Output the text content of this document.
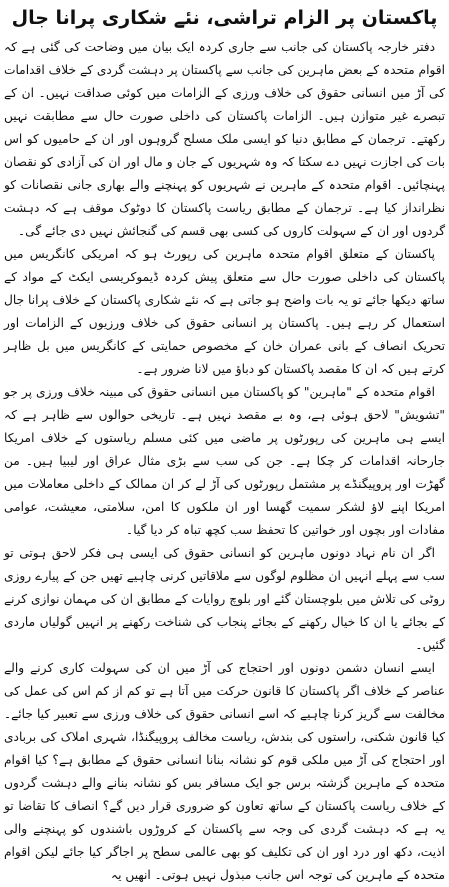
پاکستان پر الزام تراشی، نئے شکاری پرانا جال

دفتر خارجہ پاکستان کی جانب سے جاری کردہ ایک بیان میں وضاحت کی گئی ہے کہ اقوام متحدہ کے بعض ماہرین کی جانب سے پاکستان پر دہشت گردی کے خلاف اقدامات کی آڑ میں انسانی حقوق کی خلاف ورزی کے الزامات میں کوئی صداقت نہیں۔ ان کے تبصرے غیر متوازن ہیں۔ الزامات پاکستان کی داخلی صورت حال سے مطابقت نہیں رکھتے۔ ترجمان کے مطابق دنیا کو ایسی ملک مسلح گروہوں اور ان کے حامیوں کو اس بات کی اجازت نہیں دے سکتا کہ وہ شہریوں کے جان و مال اور ان کی آزادی کو نقصان پہنچائیں۔ اقوام متحدہ کے ماہرین نے شہریوں کو پہنچنے والے بھاری جانی نقصانات کو نظرانداز کیا ہے۔ ترجمان کے مطابق ریاست پاکستان کا دوٹوک موقف ہے کہ دہشت گردوں اور ان کے سہولت کاروں کی کسی بھی قسم کی گنجائش نہیں دی جائے گی۔

پاکستان کے متعلق اقوام متحدہ ماہرین کی رپورٹ ہو کہ امریکی کانگریس میں پاکستان کی داخلی صورت حال سے متعلق پیش کردہ ڈیموکریسی ایکٹ کے مواد کے ساتھ دیکھا جائے تو یہ بات واضح ہو جاتی ہے کہ نئے شکاری پاکستان کے خلاف پرانا جال استعمال کر رہے ہیں۔ پاکستان پر انسانی حقوق کی خلاف ورزیوں کے الزامات اور تحریک انصاف کے بانی عمران خان کے مخصوص حمایتی کے کانگریس میں بل ظاہر کرتے ہیں کہ ان کا مقصد پاکستان کو دباؤ میں لانا ضرور ہے۔

اقوام متحدہ کے "ماہرین" کو پاکستان میں انسانی حقوق کی مبینہ خلاف ورزی پر جو "تشویش" لاحق ہوئی ہے، وہ بے مقصد نہیں ہے۔ تاریخی حوالوں سے ظاہر ہے کہ ایسے ہی ماہرین کی رپورٹوں پر ماضی میں کئی مسلم ریاستوں کے خلاف امریکا جارحانہ اقدامات کر چکا ہے۔ جن کی سب سے بڑی مثال عراق اور لیبیا ہیں۔ من گھڑت اور پروپیگنڈے پر مشتمل رپورٹوں کی آڑ لے کر ان ممالک کے داخلی معاملات میں امریکا اپنے لاؤ لشکر سمیت گھسا اور ان ملکوں کا امن، سلامتی، معیشت، عوامی مفادات اور بچوں اور خواتین کا تحفظ سب کچھ تباہ کر دیا گیا۔

اگر ان نام نہاد دونوں ماہرین کو انسانی حقوق کی ایسی ہی فکر لاحق ہوتی تو سب سے پہلے انہیں ان مظلوم لوگوں سے ملاقاتیں کرنی چاہیے تھیں جن کے پیارے روزی روٹی کی تلاش میں بلوچستان گئے اور بلوچ روایات کے مطابق ان کی مہمان نوازی کرنے کے بجائے یا ان کا خیال رکھنے کے بجائے پنجاب کی شناخت رکھنے پر انہیں گولیاں ماردی گئیں۔

ایسے انسان دشمن دونوں اور احتجاج کی آڑ میں ان کی سہولت کاری کرنے والے عناصر کے خلاف اگر پاکستان کا قانون حرکت میں آتا ہے تو کم از کم اس کی عمل کی مخالفت سے گریز کرنا چاہیے کہ اسے انسانی حقوق کی خلاف ورزی سے تعبیر کیا جائے۔ کیا قانون شکنی، راستوں کی بندش، ریاست مخالف پروپیگنڈا، شہری املاک کی بربادی اور احتجاج کی آڑ میں ملکی قوم کو نشانہ بنانا انسانی حقوق کے مطابق ہے؟ کیا اقوام متحدہ کے ماہرین گزشتہ برس جو ایک مسافر بس کو نشانہ بنانے والے دہشت گردوں کے خلاف ریاست پاکستان کے ساتھ تعاون کو ضروری قرار دیں گے؟ انصاف کا تقاضا تو یہ ہے کہ دہشت گردی کی وجہ سے پاکستان کے کروڑوں باشندوں کو پہنچنے والی اذیت، دکھ اور درد اور ان کی تکلیف کو بھی عالمی سطح پر اجاگر کیا جائے لیکن اقوام متحدہ کے ماہرین کی توجہ اس جانب مبذول نہیں ہوتی۔ انھیں یہ
